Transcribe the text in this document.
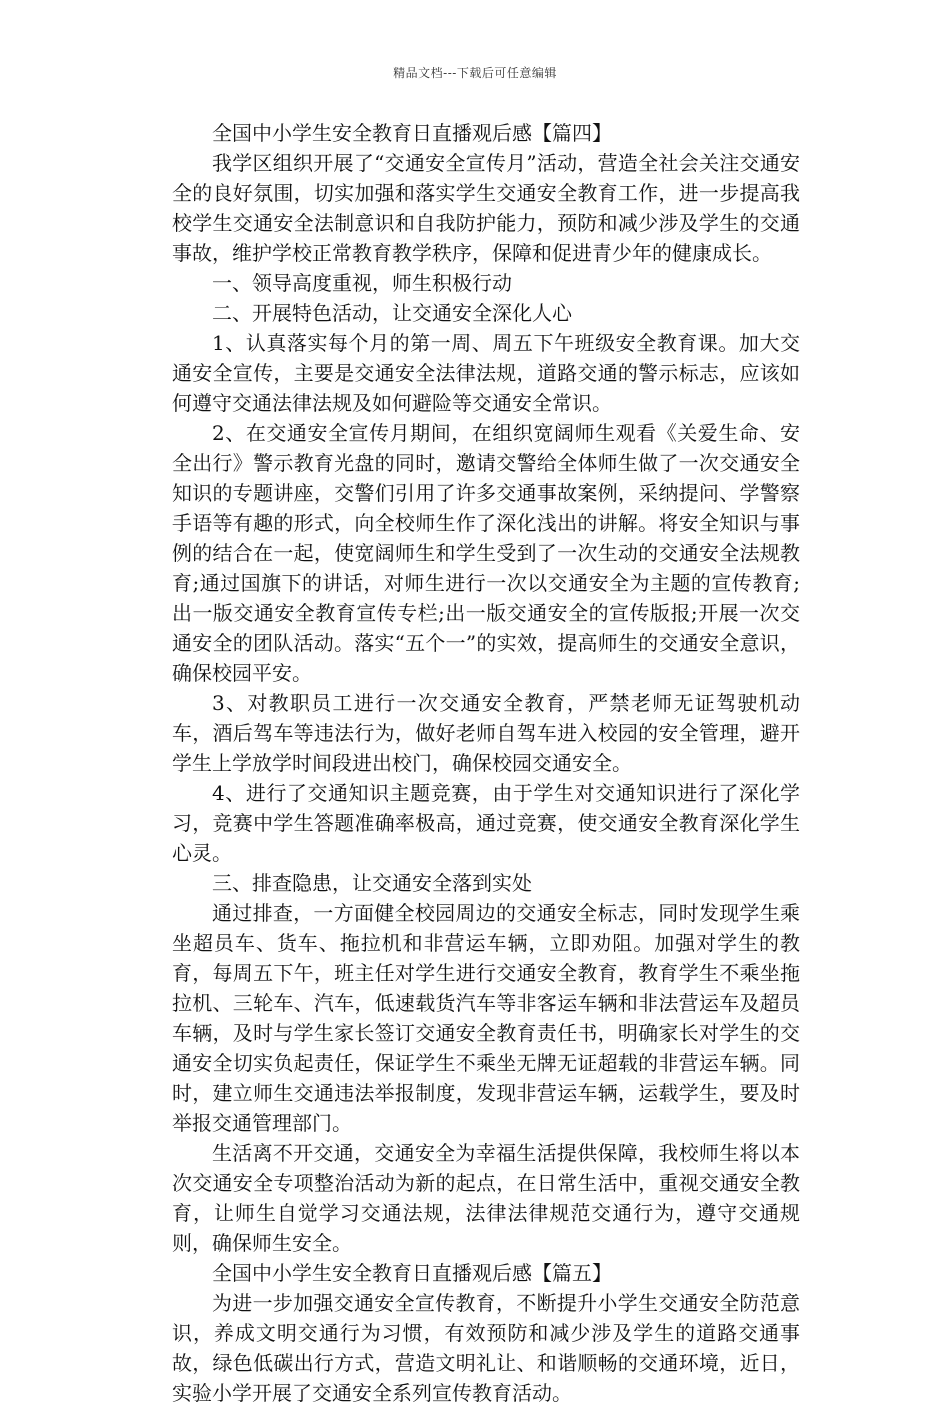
精品文档---下载后可任意编辑

全国中小学生安全教育日直播观后感【篇四】

我学区组织开展了“交通安全宣传月”活动，营造全社会关注交通安全的良好氛围，切实加强和落实学生交通安全教育工作，进一步提高我校学生交通安全法制意识和自我防护能力，预防和减少涉及学生的交通事故，维护学校正常教育教学秩序，保障和促进青少年的健康成长。

一、领导高度重视，师生积极行动

二、开展特色活动，让交通安全深化人心

1、认真落实每个月的第一周、周五下午班级安全教育课。加大交通安全宣传，主要是交通安全法律法规，道路交通的警示标志，应该如何遵守交通法律法规及如何避险等交通安全常识。

2、在交通安全宣传月期间，在组织宽阔师生观看《关爱生命、安全出行》警示教育光盘的同时，邀请交警给全体师生做了一次交通安全知识的专题讲座，交警们引用了许多交通事故案例，采纳提问、学警察手语等有趣的形式，向全校师生作了深化浅出的讲解。将安全知识与事例的结合在一起，使宽阔师生和学生受到了一次生动的交通安全法规教育;通过国旗下的讲话，对师生进行一次以交通安全为主题的宣传教育;出一版交通安全教育宣传专栏;出一版交通安全的宣传版报;开展一次交通安全的团队活动。落实“五个一”的实效，提高师生的交通安全意识，确保校园平安。

3、对教职员工进行一次交通安全教育，严禁老师无证驾驶机动车，酒后驾车等违法行为，做好老师自驾车进入校园的安全管理，避开学生上学放学时间段进出校门，确保校园交通安全。

4、进行了交通知识主题竞赛，由于学生对交通知识进行了深化学习，竞赛中学生答题准确率极高，通过竞赛，使交通安全教育深化学生心灵。

三、排查隐患，让交通安全落到实处

通过排查，一方面健全校园周边的交通安全标志，同时发现学生乘坐超员车、货车、拖拉机和非营运车辆，立即劝阻。加强对学生的教育，每周五下午，班主任对学生进行交通安全教育，教育学生不乘坐拖拉机、三轮车、汽车，低速载货汽车等非客运车辆和非法营运车及超员车辆，及时与学生家长签订交通安全教育责任书，明确家长对学生的交通安全切实负起责任，保证学生不乘坐无牌无证超载的非营运车辆。同时，建立师生交通违法举报制度，发现非营运车辆，运载学生，要及时举报交通管理部门。

生活离不开交通，交通安全为幸福生活提供保障，我校师生将以本次交通安全专项整治活动为新的起点，在日常生活中，重视交通安全教育，让师生自觉学习交通法规，法律法律规范交通行为，遵守交通规则，确保师生安全。

全国中小学生安全教育日直播观后感【篇五】

为进一步加强交通安全宣传教育，不断提升小学生交通安全防范意识，养成文明交通行为习惯，有效预防和减少涉及学生的道路交通事故，绿色低碳出行方式，营造文明礼让、和谐顺畅的交通环境，近日，实验小学开展了交通安全系列宣传教育活动。
